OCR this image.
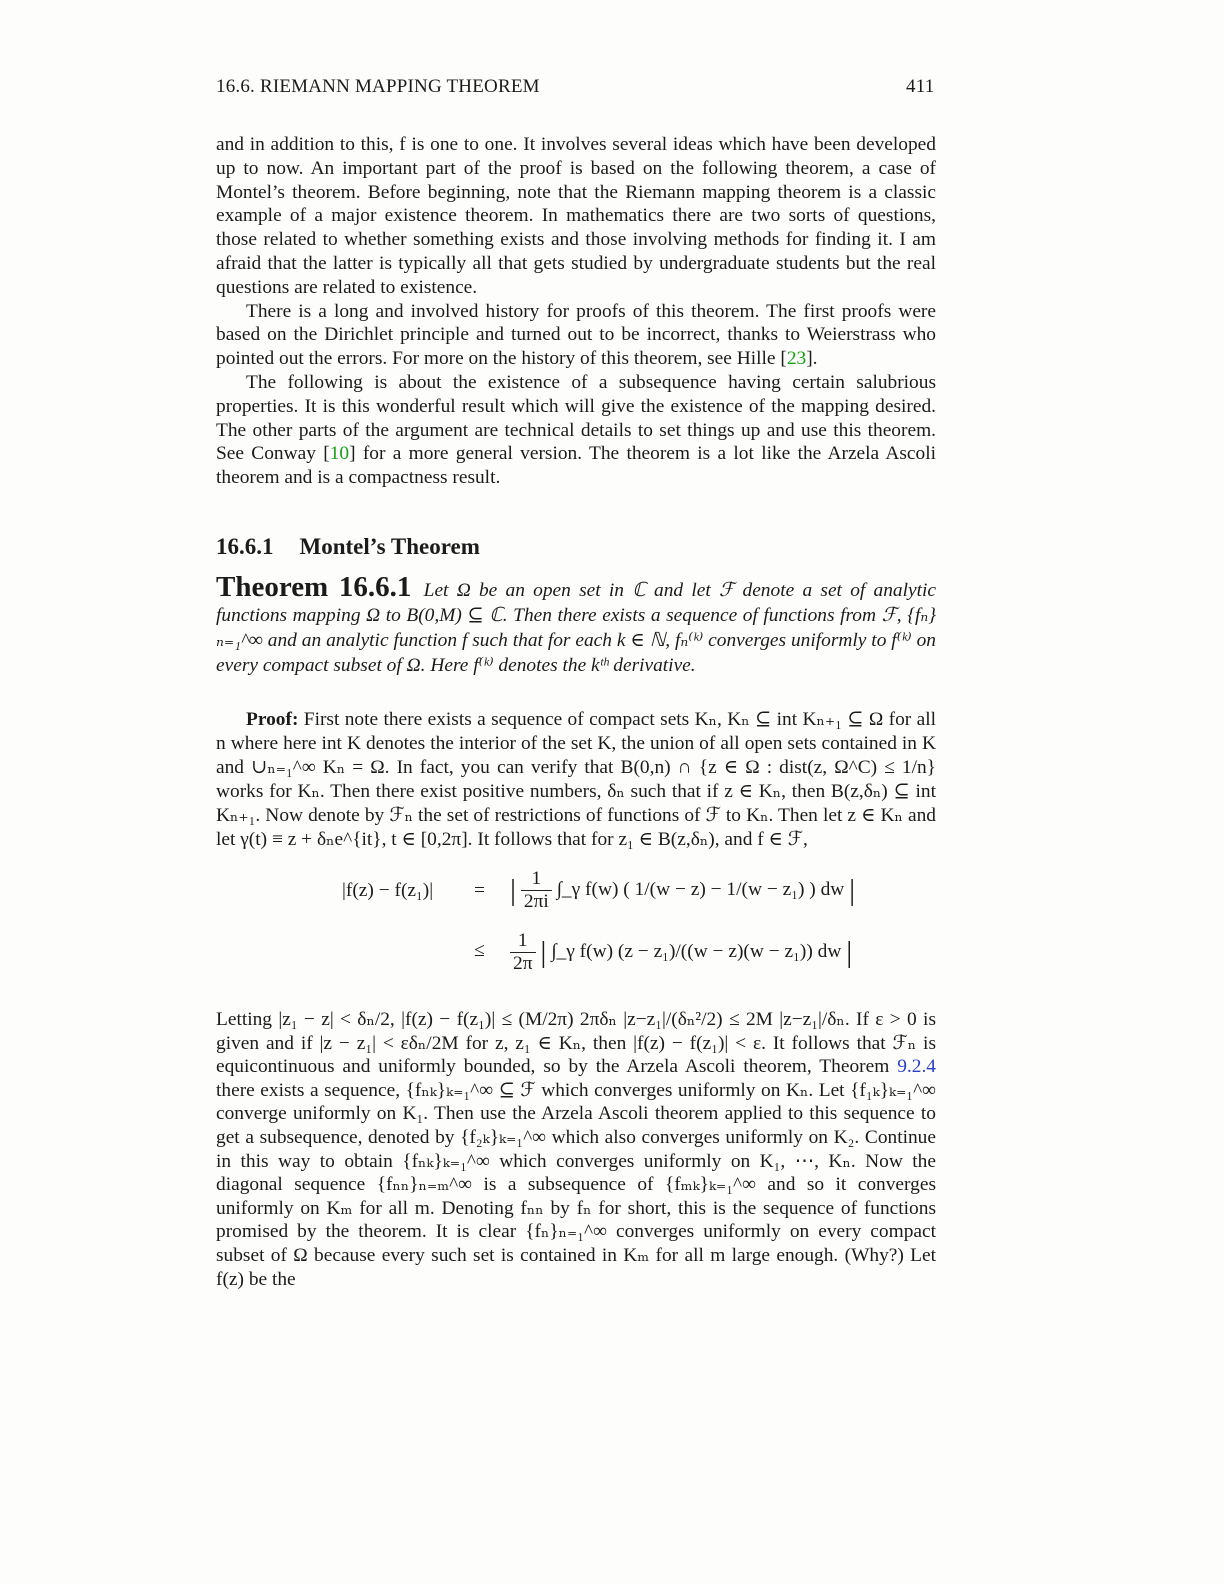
16.6. RIEMANN MAPPING THEOREM	411

and in addition to this, f is one to one. It involves several ideas which have been developed up to now. An important part of the proof is based on the following theorem, a case of Montel’s theorem. Before beginning, note that the Riemann mapping theorem is a classic example of a major existence theorem. In mathematics there are two sorts of questions, those related to whether something exists and those involving methods for finding it. I am afraid that the latter is typically all that gets studied by undergraduate students but the real questions are related to existence.

There is a long and involved history for proofs of this theorem. The first proofs were based on the Dirichlet principle and turned out to be incorrect, thanks to Weierstrass who pointed out the errors. For more on the history of this theorem, see Hille [23].

The following is about the existence of a subsequence having certain salubrious properties. It is this wonderful result which will give the existence of the mapping desired. The other parts of the argument are technical details to set things up and use this theorem. See Conway [10] for a more general version. The theorem is a lot like the Arzela Ascoli theorem and is a compactness result.

16.6.1 Montel’s Theorem
Theorem 16.6.1 Let Ω be an open set in ℂ and let ℱ denote a set of analytic functions mapping Ω to B(0,M) ⊆ ℂ. Then there exists a sequence of functions from ℱ, {fₙ}ₙ₌₁^∞ and an analytic function f such that for each k ∈ ℕ, fₙ⁽ᵏ⁾ converges uniformly to f⁽ᵏ⁾ on every compact subset of Ω. Here f⁽ᵏ⁾ denotes the kᵗʰ derivative.
Proof: First note there exists a sequence of compact sets Kₙ, Kₙ ⊆ int Kₙ₊₁ ⊆ Ω for all n where here int K denotes the interior of the set K, the union of all open sets contained in K and ∪ₙ₌₁^∞ Kₙ = Ω. In fact, you can verify that B(0,n) ∩ {z ∈ Ω : dist(z, Ω^C) ≤ 1/n} works for Kₙ. Then there exist positive numbers, δₙ such that if z ∈ Kₙ, then B(z,δₙ) ⊆ int Kₙ₊₁. Now denote by ℱₙ the set of restrictions of functions of ℱ to Kₙ. Then let z ∈ Kₙ and let γ(t) ≡ z + δₙe^{it}, t ∈ [0,2π]. It follows that for z₁ ∈ B(z,δₙ), and f ∈ ℱ,
|f(z) − f(z₁)| =
≤
| $\frac{1}{2\pi i}$ ∫_γ f(w) ( 1/(w − z) − 1/(w − z₁) ) dw |
$\frac{1}{2\pi}$ | ∫_γ f(w) (z − z₁)/((w − z)(w − z₁)) dw |
Letting |z₁ − z| < δₙ/2, |f(z) − f(z₁)| ≤ (M/2π) 2πδₙ |z−z₁|/(δₙ²/2) ≤ 2M |z−z₁|/δₙ. If ε > 0 is given and if |z − z₁| < εδₙ/2M for z, z₁ ∈ Kₙ, then |f(z) − f(z₁)| < ε. It follows that ℱₙ is equicontinuous and uniformly bounded, so by the Arzela Ascoli theorem, Theorem 9.2.4 there exists a sequence, {fₙₖ}ₖ₌₁^∞ ⊆ ℱ which converges uniformly on Kₙ. Let {f₁ₖ}ₖ₌₁^∞ converge uniformly on K₁. Then use the Arzela Ascoli theorem applied to this sequence to get a subsequence, denoted by {f₂ₖ}ₖ₌₁^∞ which also converges uniformly on K₂. Continue in this way to obtain {fₙₖ}ₖ₌₁^∞ which converges uniformly on K₁, ⋯, Kₙ. Now the diagonal sequence {fₙₙ}ₙ₌ₘ^∞ is a subsequence of {fₘₖ}ₖ₌₁^∞ and so it converges uniformly on Kₘ for all m. Denoting fₙₙ by fₙ for short, this is the sequence of functions promised by the theorem. It is clear {fₙ}ₙ₌₁^∞ converges uniformly on every compact subset of Ω because every such set is contained in Kₘ for all m large enough. (Why?) Let f(z) be the
